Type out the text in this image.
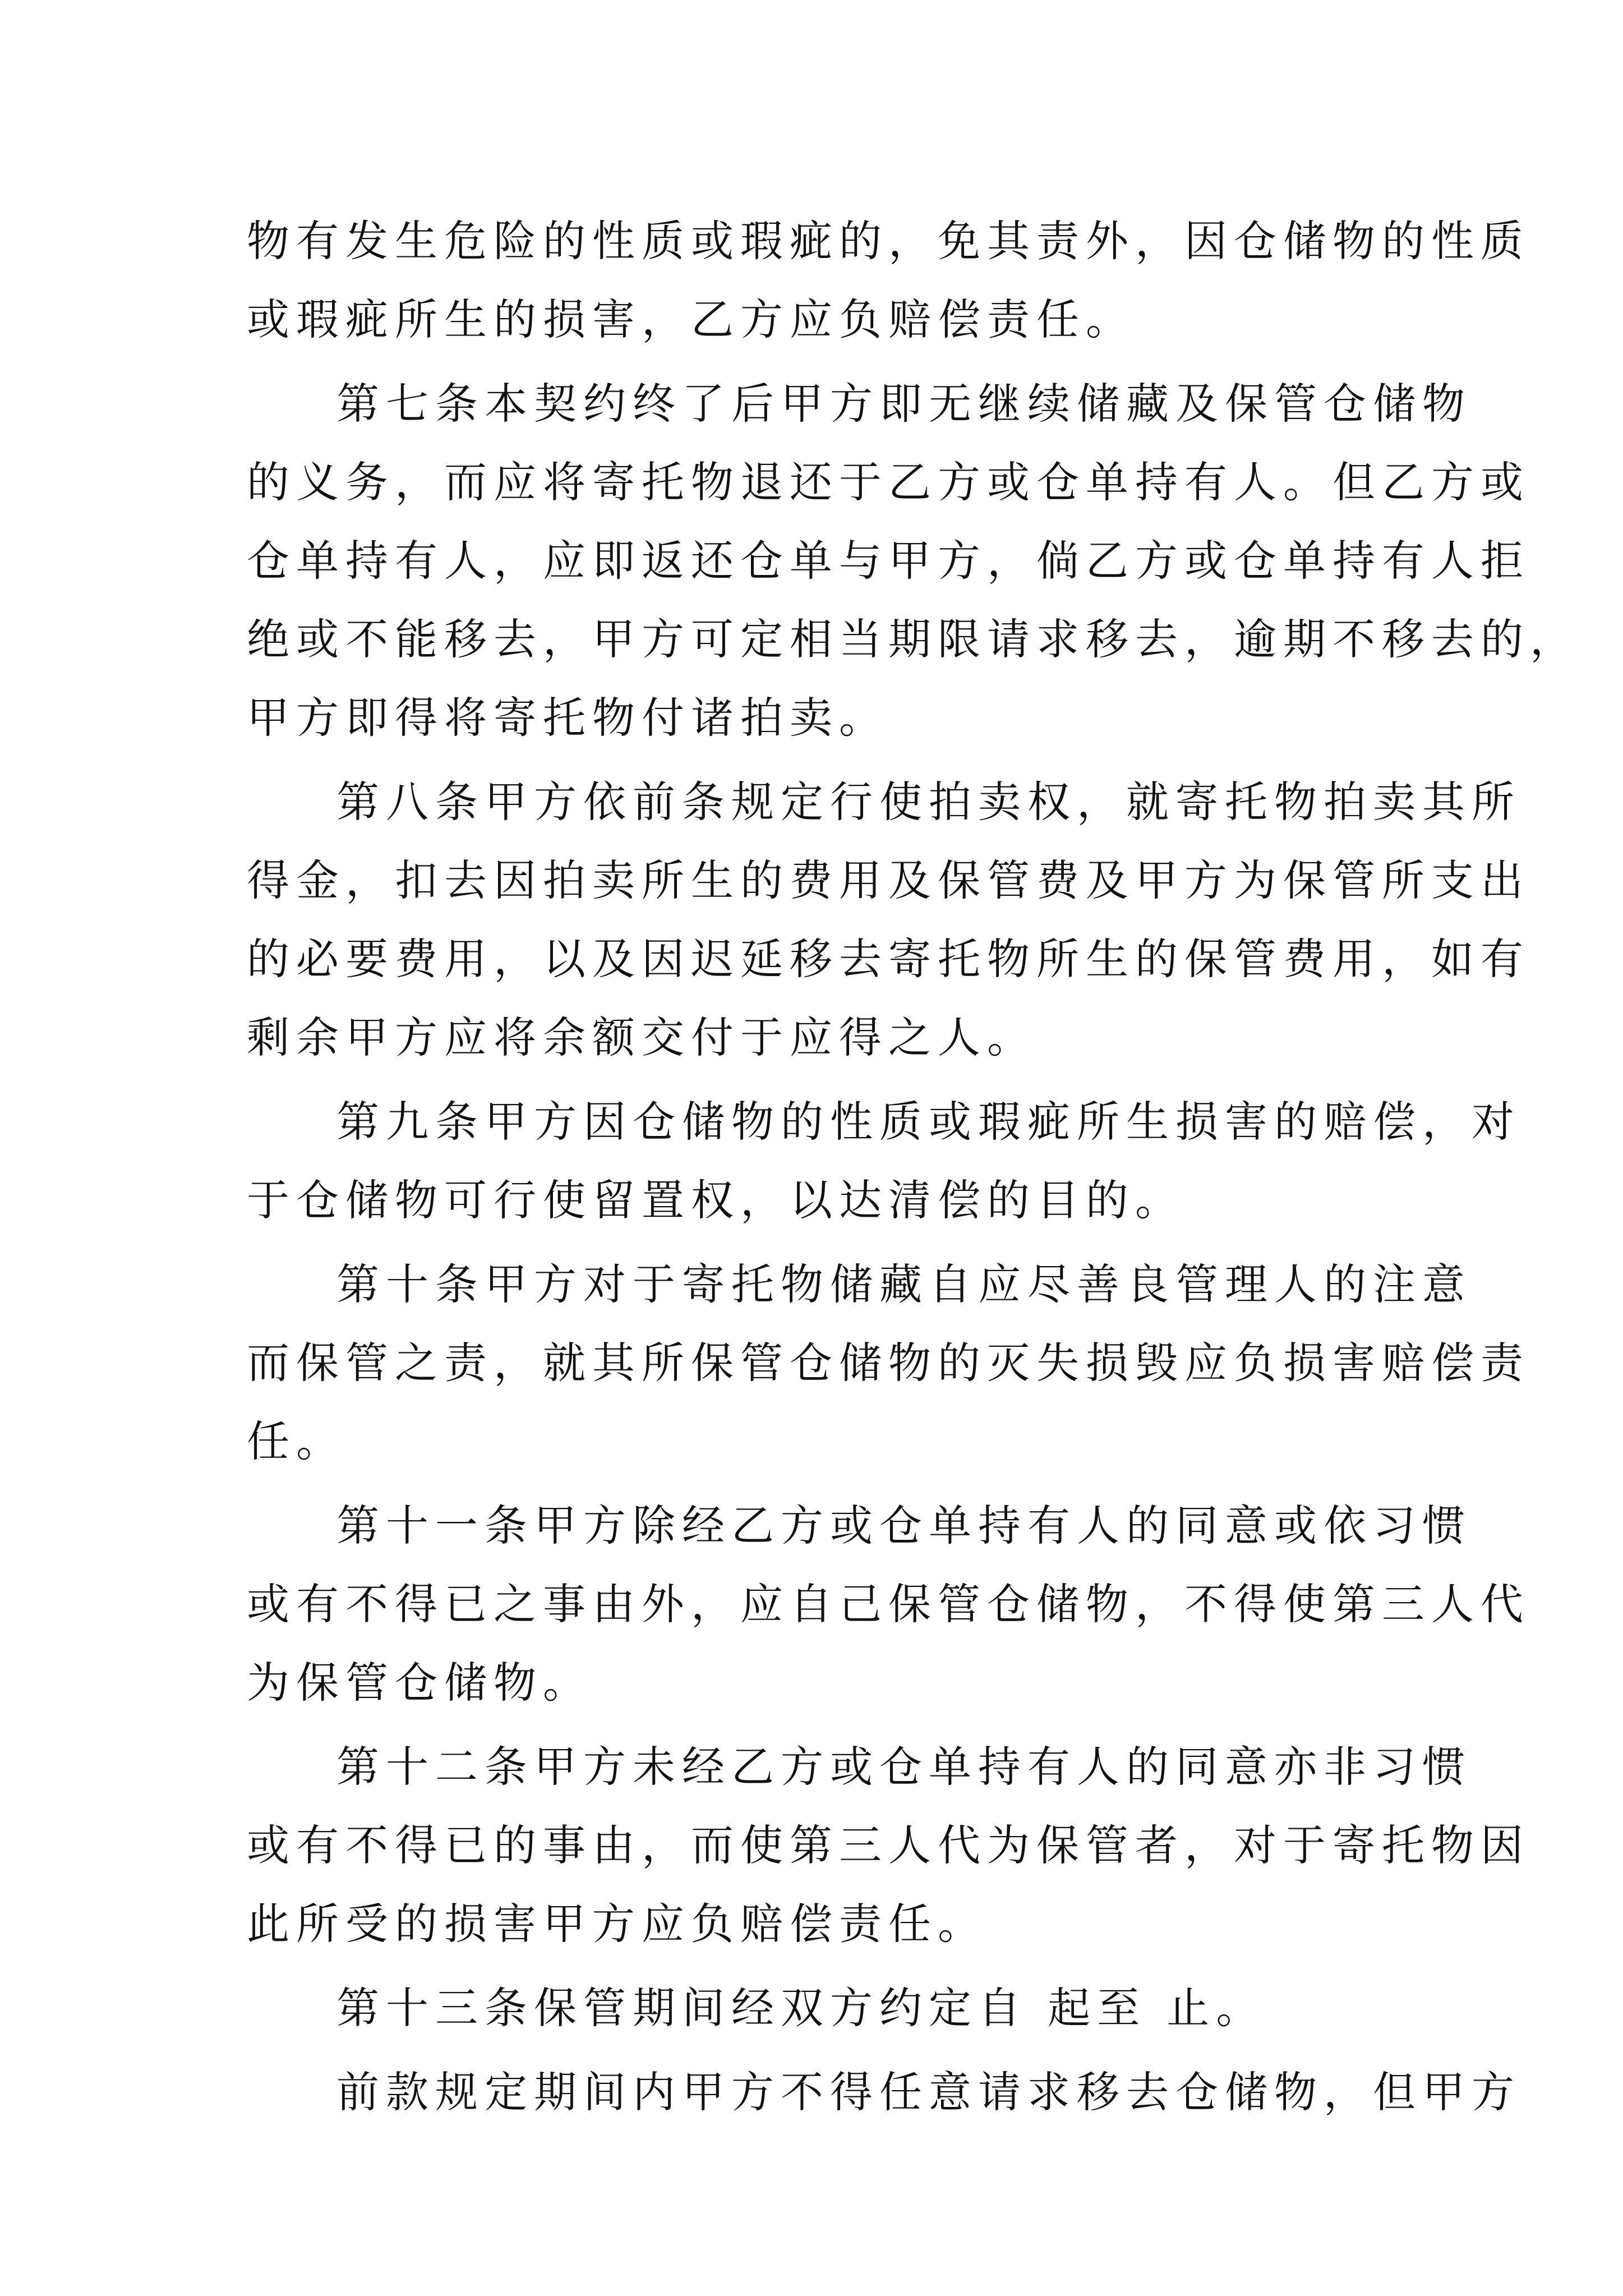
物有发生危险的性质或瑕疵的，免其责外，因仓储物的性质
或瑕疵所生的损害，乙方应负赔偿责任。
第七条本契约终了后甲方即无继续储藏及保管仓储物
的义务，而应将寄托物退还于乙方或仓单持有人。但乙方或
仓单持有人，应即返还仓单与甲方，倘乙方或仓单持有人拒
绝或不能移去，甲方可定相当期限请求移去，逾期不移去的，
甲方即得将寄托物付诸拍卖。
第八条甲方依前条规定行使拍卖权，就寄托物拍卖其所
得金，扣去因拍卖所生的费用及保管费及甲方为保管所支出
的必要费用，以及因迟延移去寄托物所生的保管费用，如有
剩余甲方应将余额交付于应得之人。
第九条甲方因仓储物的性质或瑕疵所生损害的赔偿，对
于仓储物可行使留置权，以达清偿的目的。
第十条甲方对于寄托物储藏自应尽善良管理人的注意
而保管之责，就其所保管仓储物的灭失损毁应负损害赔偿责
任。
第十一条甲方除经乙方或仓单持有人的同意或依习惯
或有不得已之事由外，应自己保管仓储物，不得使第三人代
为保管仓储物。
第十二条甲方未经乙方或仓单持有人的同意亦非习惯
或有不得已的事由，而使第三人代为保管者，对于寄托物因
此所受的损害甲方应负赔偿责任。
第十三条保管期间经双方约定自 起至 止。
前款规定期间内甲方不得任意请求移去仓储物，但甲方
